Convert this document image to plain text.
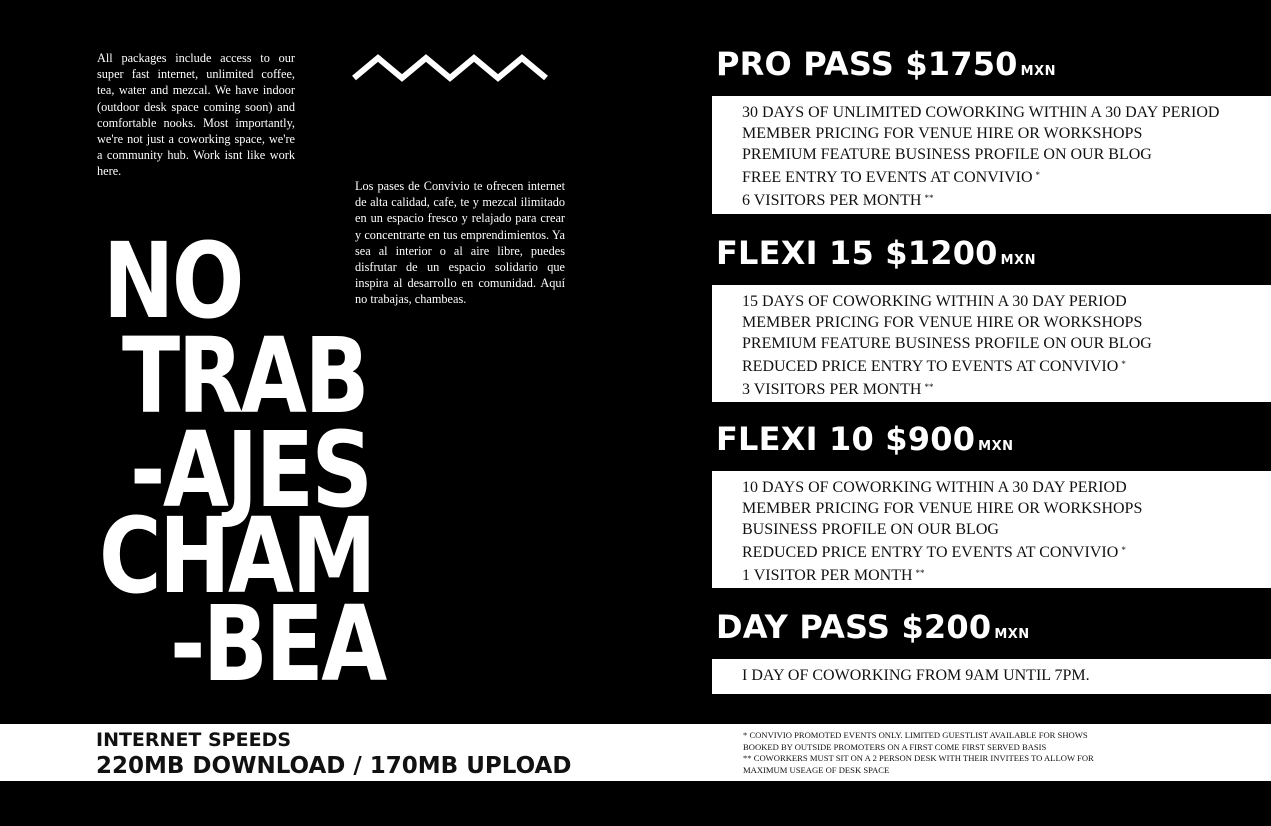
All packages include access to our super fast internet, unlimited coffee, tea, water and mezcal. We have indoor (outdoor desk space coming soon) and comfortable nooks. Most importantly, we're not just a coworking space, we're a community hub. Work isnt like work here.
Los pases de Convivio te ofrecen internet de alta calidad, cafe, te y mezcal ilimitado en un espacio fresco y relajado para crear y concentrarte en tus emprendimientos. Ya sea al interior o al aire libre, puedes disfrutar de un espacio solidario que inspira al desarrollo en comunidad. Aquí no trabajas, chambeas.
NO
TRAB
-AJES
CHAM
-BEA
PRO PASS $1750 MXN
30 DAYS OF UNLIMITED COWORKING WITHIN A 30 DAY PERIOD
MEMBER PRICING FOR VENUE HIRE OR WORKSHOPS
PREMIUM FEATURE BUSINESS PROFILE ON OUR BLOG
FREE ENTRY TO EVENTS AT CONVIVIO *
6 VISITORS PER MONTH **
FLEXI 15 $1200 MXN
15 DAYS OF COWORKING WITHIN A 30 DAY PERIOD
MEMBER PRICING FOR VENUE HIRE OR WORKSHOPS
PREMIUM FEATURE BUSINESS PROFILE ON OUR BLOG
REDUCED PRICE ENTRY TO EVENTS AT CONVIVIO *
3 VISITORS PER MONTH **
FLEXI 10 $900 MXN
10 DAYS OF COWORKING WITHIN A 30 DAY PERIOD
MEMBER PRICING FOR VENUE HIRE OR WORKSHOPS
BUSINESS PROFILE ON OUR BLOG
REDUCED PRICE ENTRY TO EVENTS AT CONVIVIO *
1 VISITOR PER MONTH **
DAY PASS $200 MXN
I DAY OF COWORKING FROM 9AM UNTIL 7PM.
INTERNET SPEEDS
220MB DOWNLOAD / 170MB UPLOAD
* CONVIVIO PROMOTED EVENTS ONLY. LIMITED GUESTLIST AVAILABLE FOR SHOWS BOOKED BY OUTSIDE PROMOTERS ON A FIRST COME FIRST SERVED BASIS
** COWORKERS MUST SIT ON A 2 PERSON DESK WITH THEIR INVITEES TO ALLOW FOR MAXIMUM USEAGE OF DESK SPACE
